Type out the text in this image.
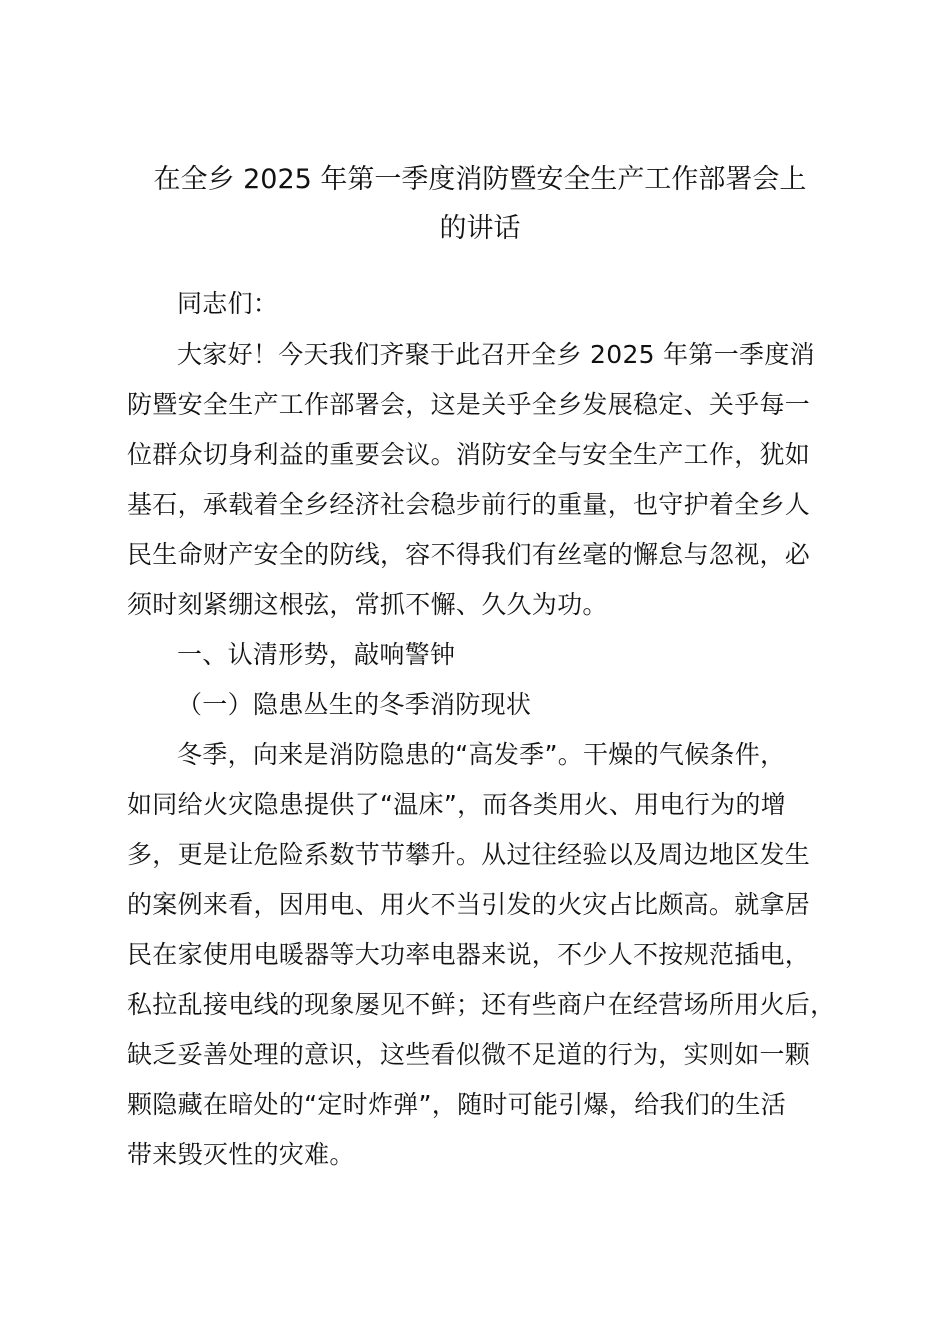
在全乡 2025 年第一季度消防暨安全生产工作部署会上
的讲话
同志们：
大家好！今天我们齐聚于此召开全乡 2025 年第一季度消
防暨安全生产工作部署会，这是关乎全乡发展稳定、关乎每一
位群众切身利益的重要会议。消防安全与安全生产工作，犹如
基石，承载着全乡经济社会稳步前行的重量，也守护着全乡人
民生命财产安全的防线，容不得我们有丝毫的懈怠与忽视，必
须时刻紧绷这根弦，常抓不懈、久久为功。
一、认清形势，敲响警钟
（一）隐患丛生的冬季消防现状
冬季，向来是消防隐患的“高发季”。干燥的气候条件，
如同给火灾隐患提供了“温床”，而各类用火、用电行为的增
多，更是让危险系数节节攀升。从过往经验以及周边地区发生
的案例来看，因用电、用火不当引发的火灾占比颇高。就拿居
民在家使用电暖器等大功率电器来说，不少人不按规范插电，
私拉乱接电线的现象屡见不鲜；还有些商户在经营场所用火后，
缺乏妥善处理的意识，这些看似微不足道的行为，实则如一颗
颗隐藏在暗处的“定时炸弹”，随时可能引爆，给我们的生活
带来毁灭性的灾难。
